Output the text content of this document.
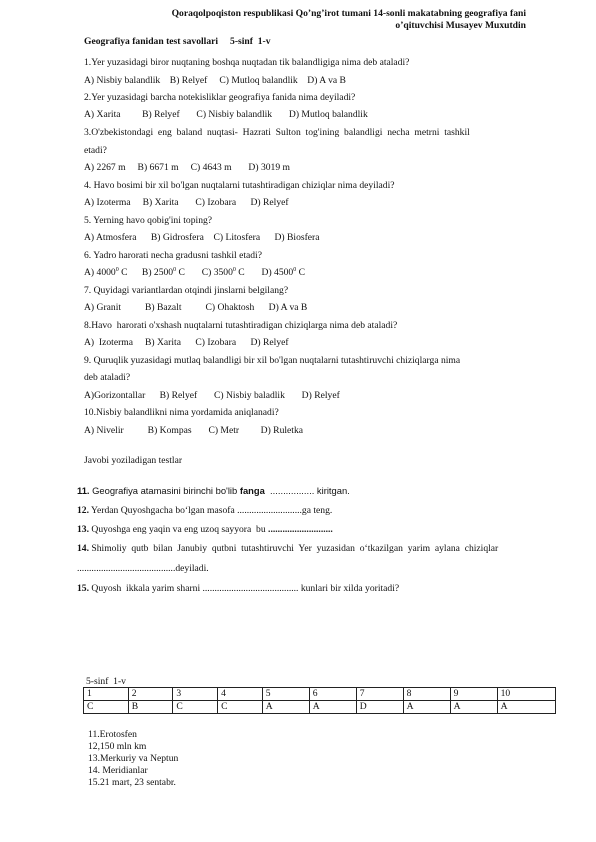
Qoraqolpoqiston respublikasi Qo’ng’irot tumani 14-sonli makatabning geografiya fani
o’qituvchisi Musayev Muxutdin
Geografiya fanidan test savollari     5-sinf  1-v
1.Yer yuzasidagi biror nuqtaning boshqa nuqtadan tik balandligiga nima deb ataladi?
A) Nisbiy balandlik    B) Relyef     C) Mutloq balandlik    D) A va B
2.Yer yuzasidagi barcha notekisliklar geografiya fanida nima deyiladi?
A) Xarita         B) Relyef       C) Nisbiy balandlik       D) Mutloq balandlik
3.O'zbekistondagi  eng  baland  nuqtasi-  Hazrati  Sulton  tog'ining  balandligi  necha  metrni  tashkil
etadi?
A) 2267 m     B) 6671 m     C) 4643 m       D) 3019 m
4. Havo bosimi bir xil bo'lgan nuqtalarni tutashtiradigan chiziqlar nima deyiladi?
A) Izoterma     B) Xarita       C) Izobara      D) Relyef
5. Yerning havo qobig'ini toping?
A) Atmosfera      B) Gidrosfera    C) Litosfera      D) Biosfera
6. Yadro harorati necha gradusni tashkil etadi?
A) 4000$^0$ C B) 2500$^0$ C C) 3500$^0$ C D) 4500$^0$ C
7. Quyidagi variantlardan otqindi jinslarni belgilang?
A) Granit          B) Bazalt          C) Ohaktosh      D) A va B
8.Havo  harorati o'xshash nuqtalarni tutashtiradigan chiziqlarga nima deb ataladi?
A)  Izoterma     B) Xarita      C) Izobara      D) Relyef
9. Quruqlik yuzasidagi mutlaq balandligi bir xil bo'lgan nuqtalarni tutashtiruvchi chiziqlarga nima
deb ataladi?
A)Gorizontallar      B) Relyef       C) Nisbiy baladlik       D) Relyef
10.Nisbiy balandlikni nima yordamida aniqlanadi?
A) Nivelir          B) Kompas       C) Metr         D) Ruletka
Javobi yoziladigan testlar
11. Geografiya atamasini birinchi bo'lib fanga  ................. kiritgan.
12. Yerdan Quyoshgacha bo‘lgan masofa ...........................ga teng.
13. Quyoshga eng yaqin va eng uzoq sayyora  bu ...........................
14. Shimoliy  qutb  bilan  Janubiy  qutbni  tutashtiruvchi  Yer  yuzasidan  o‘tkazilgan  yarim  aylana  chiziqlar
.........................................deyiladi.
15. Quyosh  ikkala yarim sharni ........................................ kunlari bir xilda yoritadi?
5-sinf  1-v
1	2	3	4	5	6	7	8	9	10
C	B	C	C	A	A	D	A	A	A
11.Erotosfen
12,150 mln km
13.Merkuriy va Neptun
14. Meridianlar
15.21 mart, 23 sentabr.
